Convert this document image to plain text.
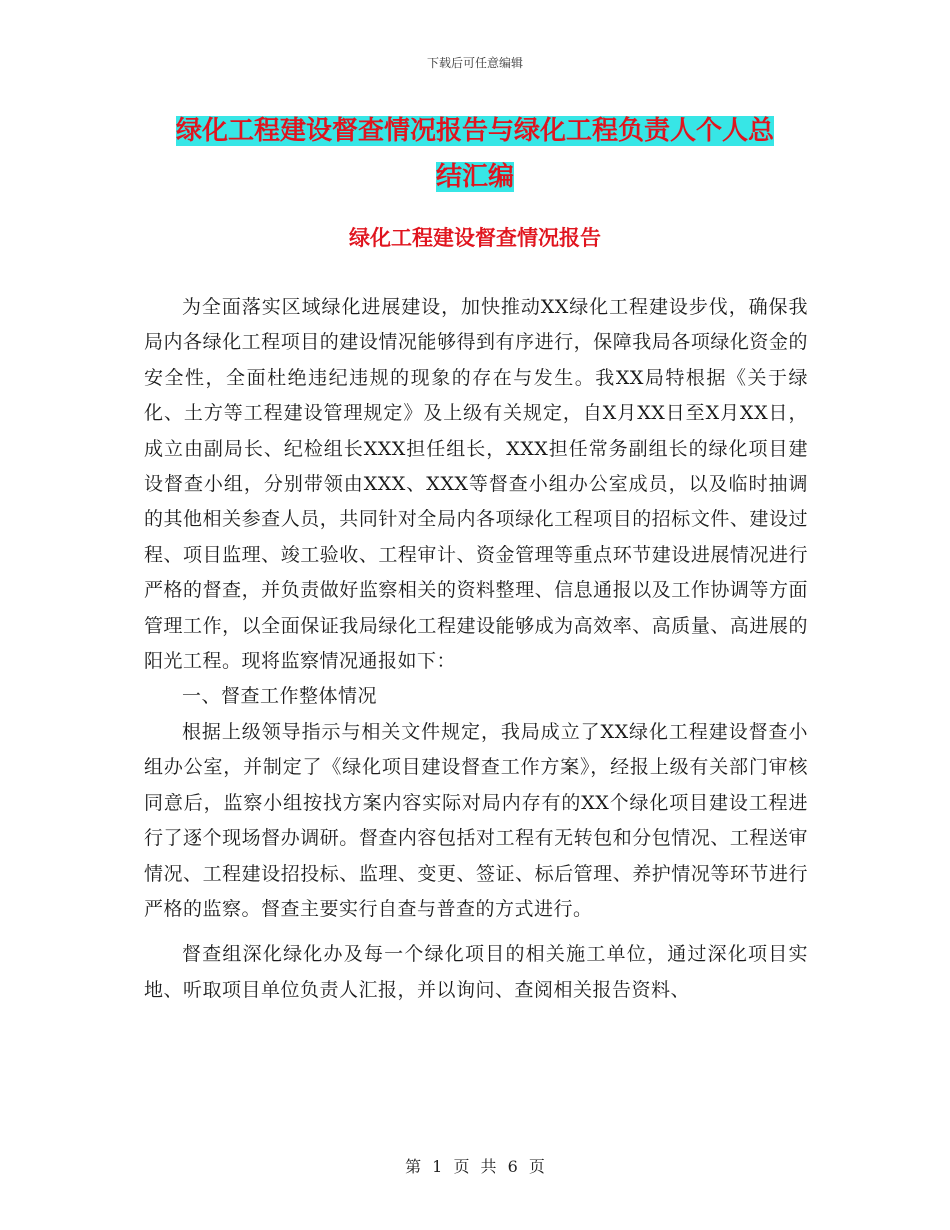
下载后可任意编辑
绿化工程建设督查情况报告与绿化工程负责人个人总
结汇编
绿化工程建设督查情况报告

为全面落实区域绿化进展建设，加快推动XX绿化工程建设步伐，确保我局内各绿化工程项目的建设情况能够得到有序进行，保障我局各项绿化资金的安全性，全面杜绝违纪违规的现象的存在与发生。我XX局特根据《关于绿化、土方等工程建设管理规定》及上级有关规定，自X月XX日至X月XX日，成立由副局长、纪检组长XXX担任组长，XXX担任常务副组长的绿化项目建设督查小组，分别带领由XXX、XXX等督查小组办公室成员，以及临时抽调的其他相关参查人员，共同针对全局内各项绿化工程项目的招标文件、建设过程、项目监理、竣工验收、工程审计、资金管理等重点环节建设进展情况进行严格的督查，并负责做好监察相关的资料整理、信息通报以及工作协调等方面管理工作，以全面保证我局绿化工程建设能够成为高效率、高质量、高进展的阳光工程。现将监察情况通报如下：

一、督查工作整体情况

根据上级领导指示与相关文件规定，我局成立了XX绿化工程建设督查小组办公室，并制定了《绿化项目建设督查工作方案》，经报上级有关部门审核同意后，监察小组按找方案内容实际对局内存有的XX个绿化项目建设工程进行了逐个现场督办调研。督查内容包括对工程有无转包和分包情况、工程送审情况、工程建设招投标、监理、变更、签证、标后管理、养护情况等环节进行严格的监察。督查主要实行自查与普查的方式进行。

督查组深化绿化办及每一个绿化项目的相关施工单位，通过深化项目实地、听取项目单位负责人汇报，并以询问、查阅相关报告资料、

第 1 页 共 6 页
